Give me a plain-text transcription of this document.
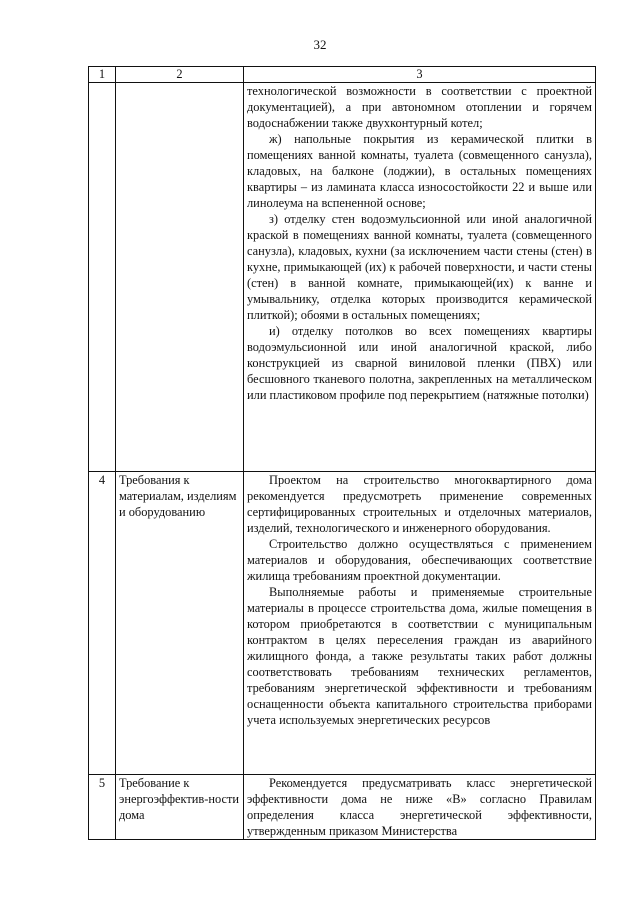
32
1	2	3

		технологической возможности в соответствии с проектной документацией), а при автономном отоплении и горячем водоснабжении также двухконтурный котел;
ж) напольные покрытия из керамической плитки в помещениях ванной комнаты, туалета (совмещенного санузла), кладовых, на балконе (лоджии), в остальных помещениях квартиры – из ламината класса износостойкости 22 и выше или линолеума на вспененной основе;
з) отделку стен водоэмульсионной или иной аналогичной краской в помещениях ванной комнаты, туалета (совмещенного санузла), кладовых, кухни (за исключением части стены (стен) в кухне, примыкающей (их) к рабочей поверхности, и части стены (стен) в ванной комнате, примыкающей(их) к ванне и умывальнику, отделка которых производится керамической плиткой); обоями в остальных помещениях;
и) отделку потолков во всех помещениях квартиры водоэмульсионной или иной аналогичной краской, либо конструкцией из сварной виниловой пленки (ПВХ) или бесшовного тканевого полотна, закрепленных на металлическом или пластиковом профиле под перекрытием (натяжные потолки)

4	Требования к материалам, изделиям и оборудованию	Проектом на строительство многоквартирного дома рекомендуется предусмотреть применение современных сертифицированных строительных и отделочных материалов, изделий, технологического и инженерного оборудования.
Строительство должно осуществляться с применением материалов и оборудования, обеспечивающих соответствие жилища требованиям проектной документации.
Выполняемые работы и применяемые строительные материалы в процессе строительства дома, жилые помещения в котором приобретаются в соответствии с муниципальным контрактом в целях переселения граждан из аварийного жилищного фонда, а также результаты таких работ должны соответствовать требованиям технических регламентов, требованиям энергетической эффективности и требованиям оснащенности объекта капитального строительства приборами учета используемых энергетических ресурсов

5	Требование к энергоэффектив-ности дома	Рекомендуется предусматривать класс энергетической эффективности дома не ниже «В» согласно Правилам определения класса энергетической эффективности, утвержденным приказом Министерства
